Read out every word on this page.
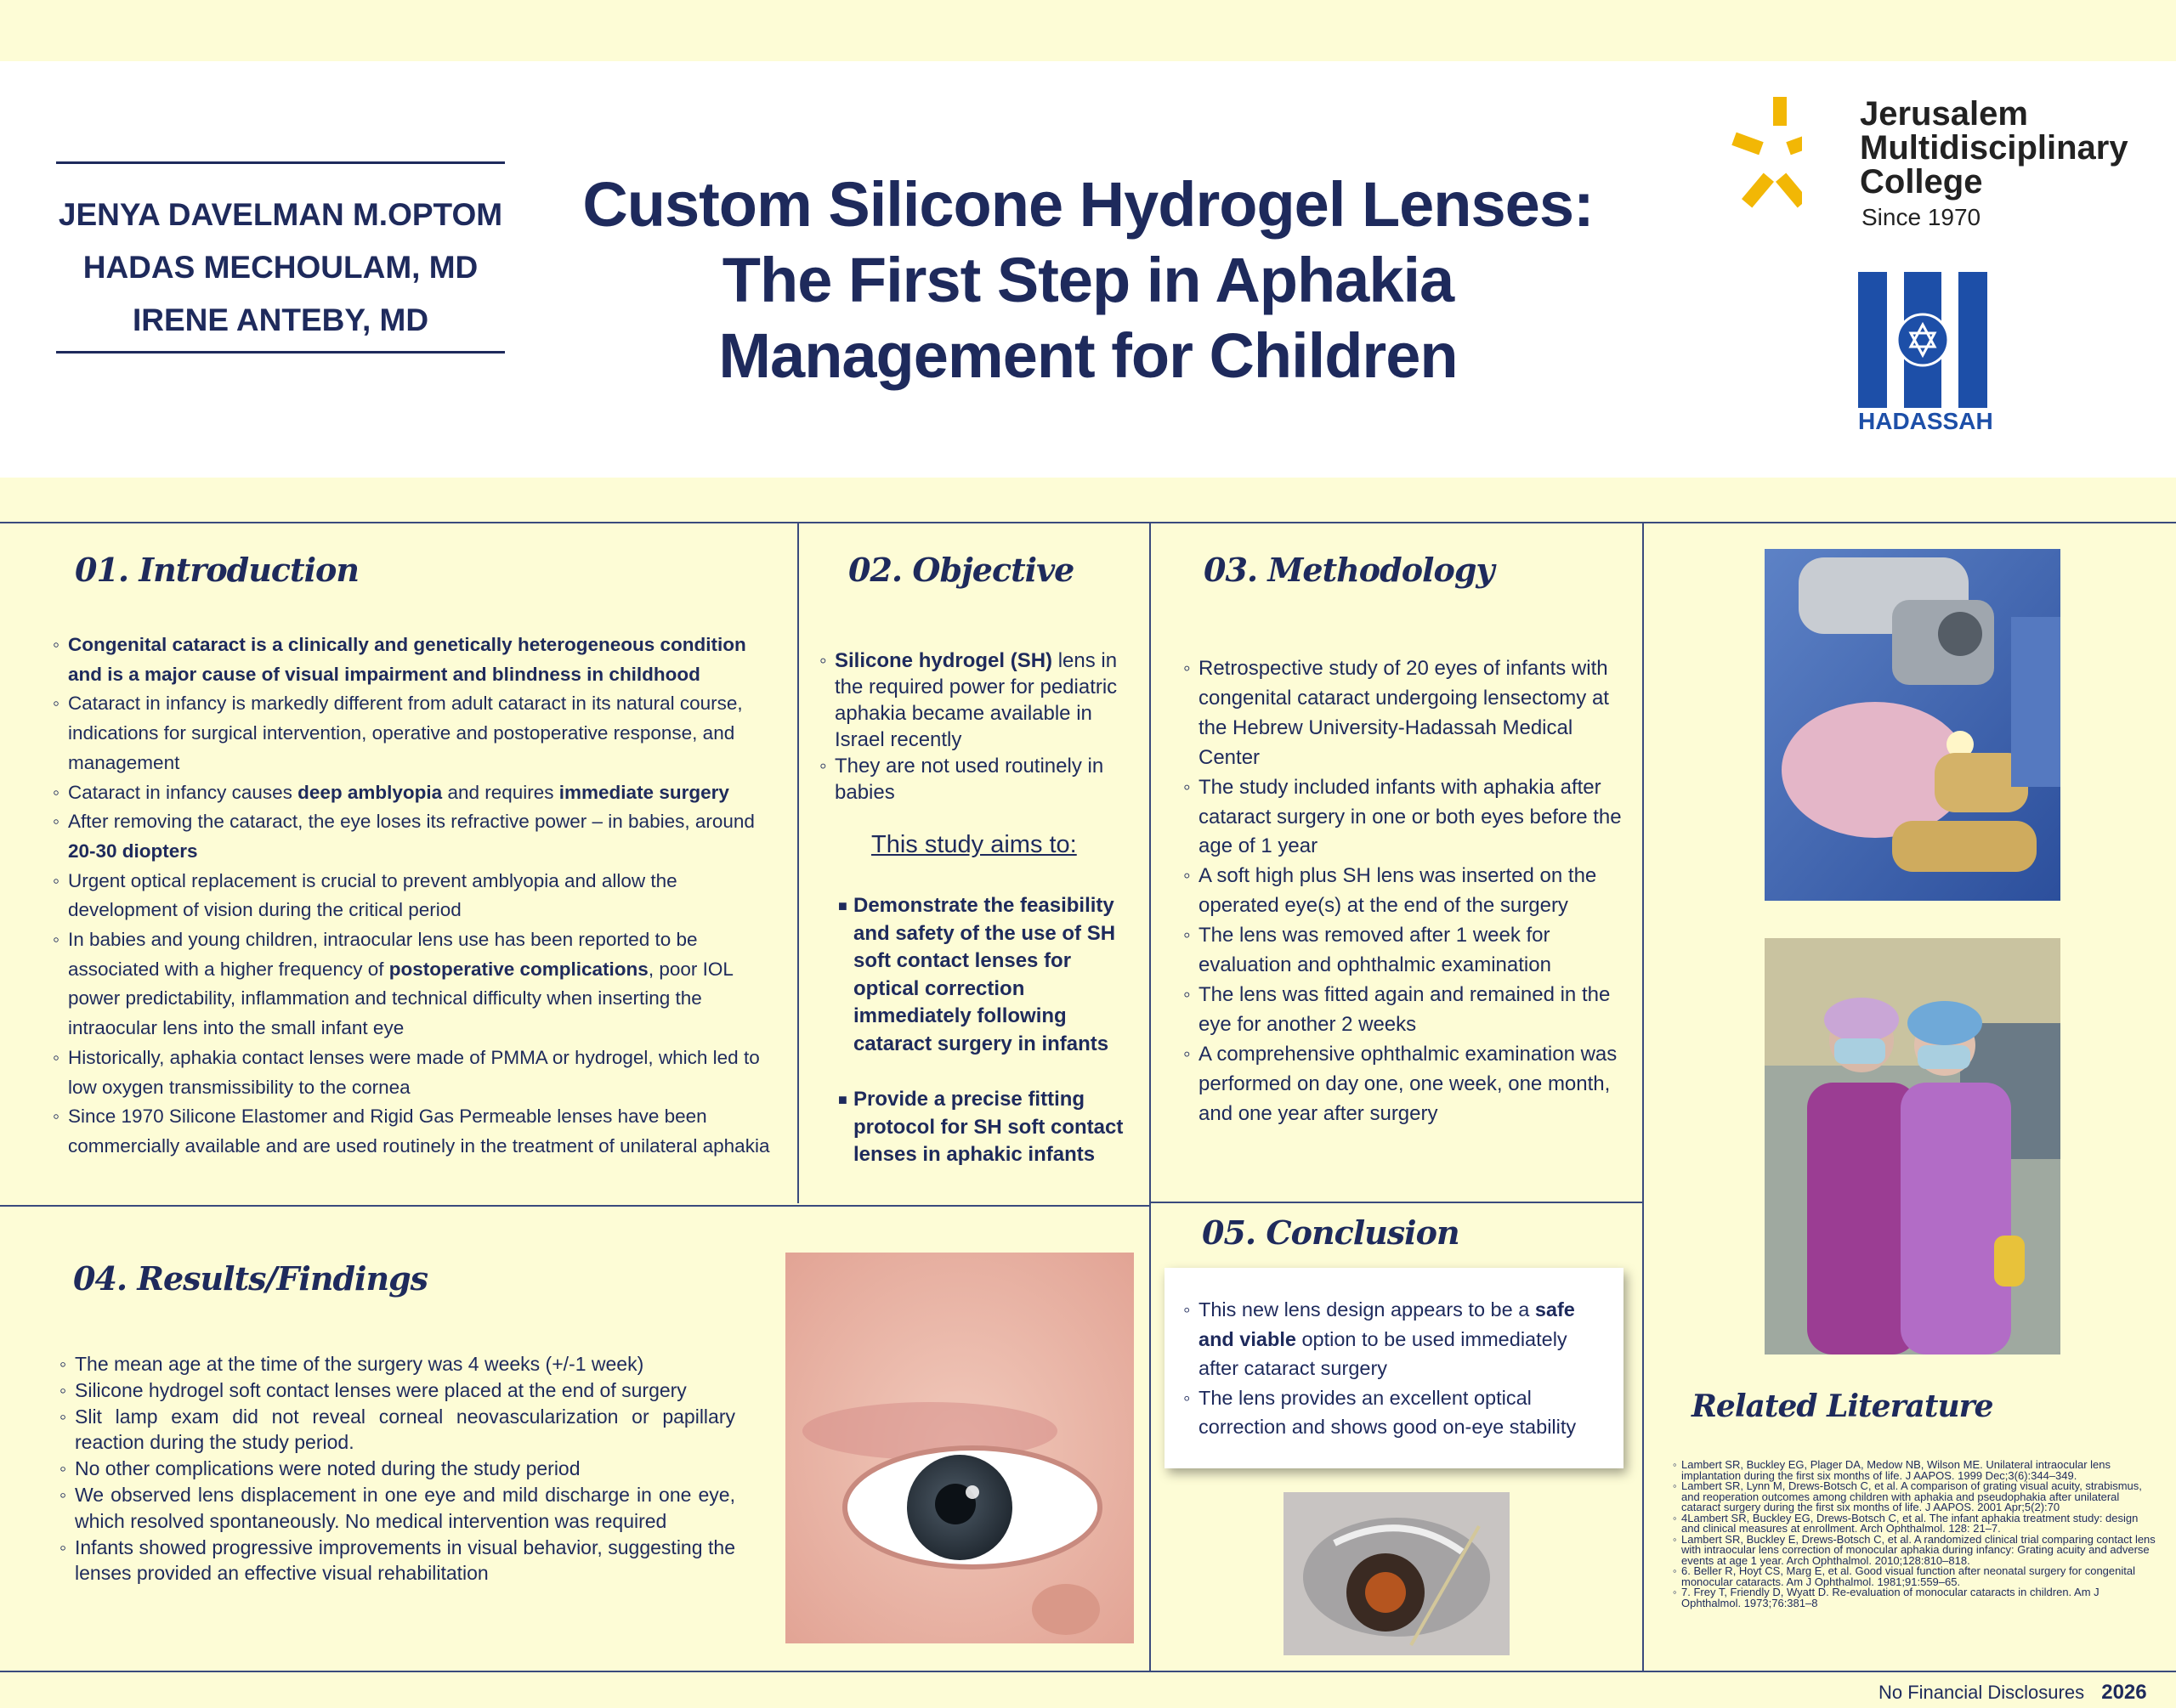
JENYA DAVELMAN M.OPTOM
HADAS MECHOULAM, MD
IRENE ANTEBY, MD
Custom Silicone Hydrogel Lenses:
The First Step in Aphakia
Management for Children
Jerusalem
Multidisciplinary
College
Since 1970
HADASSAH
01. Introduction
◦ Congenital cataract is a clinically and genetically heterogeneous condition and is a major cause of visual impairment and blindness in childhood
◦ Cataract in infancy is markedly different from adult cataract in its natural course, indications for surgical intervention, operative and postoperative response, and management
◦ Cataract in infancy causes deep amblyopia and requires immediate surgery
◦ After removing the cataract, the eye loses its refractive power – in babies, around 20-30 diopters
◦ Urgent optical replacement is crucial to prevent amblyopia and allow the development of vision during the critical period
◦ In babies and young children, intraocular lens use has been reported to be associated with a higher frequency of postoperative complications, poor IOL power predictability, inflammation and technical difficulty when inserting the intraocular lens into the small infant eye
◦ Historically, aphakia contact lenses were made of PMMA or hydrogel, which led to low oxygen transmissibility to the cornea
◦ Since 1970 Silicone Elastomer and Rigid Gas Permeable lenses have been commercially available and are used routinely in the treatment of unilateral aphakia
02. Objective
◦ Silicone hydrogel (SH) lens in the required power for pediatric aphakia became available in Israel recently
◦ They are not used routinely in babies
This study aims to:
■ Demonstrate the feasibility and safety of the use of SH soft contact lenses for optical correction immediately following cataract surgery in infants
■ Provide a precise fitting protocol for SH soft contact lenses in aphakic infants
03. Methodology
◦ Retrospective study of 20 eyes of infants with congenital cataract undergoing lensectomy at the Hebrew University-Hadassah Medical Center
◦ The study included infants with aphakia after cataract surgery in one or both eyes before the age of 1 year
◦ A soft high plus SH lens was inserted on the operated eye(s) at the end of the surgery
◦ The lens was removed after 1 week for evaluation and ophthalmic examination
◦ The lens was fitted again and remained in the eye for another 2 weeks
◦ A comprehensive ophthalmic examination was performed on day one, one week, one month, and one year after surgery
04. Results/Findings
◦ The mean age at the time of the surgery was 4 weeks (+/-1 week)
◦ Silicone hydrogel soft contact lenses were placed at the end of surgery
◦ Slit lamp exam did not reveal corneal neovascularization or papillary reaction during the study period.
◦ No other complications were noted during the study period
◦ We observed lens displacement in one eye and mild discharge in one eye, which resolved spontaneously. No medical intervention was required
◦ Infants showed progressive improvements in visual behavior, suggesting the lenses provided an effective visual rehabilitation
05. Conclusion
◦ This new lens design appears to be a safe and viable option to be used immediately after cataract surgery
◦ The lens provides an excellent optical correction and shows good on-eye stability
Related Literature
◦ Lambert SR, Buckley EG, Plager DA, Medow NB, Wilson ME. Unilateral intraocular lens implantation during the first six months of life. J AAPOS. 1999 Dec;3(6):344–349.
◦ Lambert SR, Lynn M, Drews-Botsch C, et al. A comparison of grating visual acuity, strabismus, and reoperation outcomes among children with aphakia and pseudophakia after unilateral cataract surgery during the first six months of life. J AAPOS. 2001 Apr;5(2):70
◦ 4Lambert SR, Buckley EG, Drews-Botsch C, et al. The infant aphakia treatment study: design and clinical measures at enrollment. Arch Ophthalmol. 128: 21–7.
◦ Lambert SR, Buckley E, Drews-Botsch C, et al. A randomized clinical trial comparing contact lens with intraocular lens correction of monocular aphakia during infancy: Grating acuity and adverse events at age 1 year. Arch Ophthalmol. 2010;128:810–818.
◦ 6. Beller R, Hoyt CS, Marg E, et al. Good visual function after neonatal surgery for congenital monocular cataracts. Am J Ophthalmol. 1981;91:559–65.
◦ 7. Frey T, Friendly D, Wyatt D. Re-evaluation of monocular cataracts in children. Am J Ophthalmol. 1973;76:381–8
No Financial Disclosures 2026
